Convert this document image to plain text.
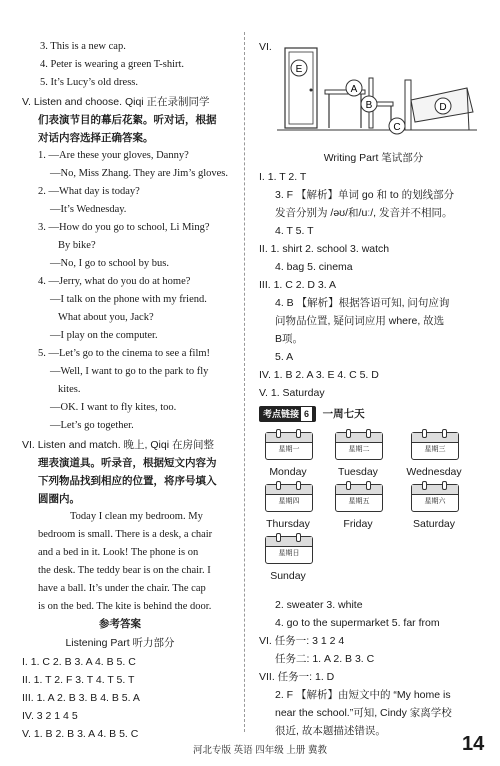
3. This is a new cap.
4. Peter is wearing a green T-shirt.
5. It’s Lucy’s old dress.
V. Listen and choose. Qiqi 正在录制同学
们表演节目的幕后花絮。听对话，根据
对话内容选择正确答案。
1. —Are these your gloves, Danny?
—No, Miss Zhang. They are Jim’s gloves.
2. —What day is today?
—It’s Wednesday.
3. —How do you go to school, Li Ming?
By bike?
—No, I go to school by bus.
4. —Jerry, what do you do at home?
—I talk on the phone with my friend.
What about you, Jack?
—I play on the computer.
5. —Let’s go to the cinema to see a film!
—Well, I want to go to the park to fly
kites.
—OK. I want to fly kites, too.
—Let’s go together.
VI. Listen and match. 晚上, Qiqi 在房间整
理表演道具。听录音，根据短文内容为
下列物品找到相应的位置，将序号填入
圆圈内。
Today I clean my bedroom. My
bedroom is small. There is a desk, a chair
and a bed in it. Look! The phone is on
the desk. The teddy bear is on the chair. I
have a ball. It’s under the chair. The cap
is on the bed. The kite is behind the door.
参考答案
Listening Part 听力部分
I. 1. C 2. B 3. A 4. B 5. C
II. 1. T 2. F 3. T 4. T 5. T
III. 1. A 2. B 3. B 4. B 5. A
IV. 3 2 1 4 5
V. 1. B 2. B 3. A 4. B 5. C
VI.
E
A
B
C
D
Writing Part 笔试部分
I. 1. T 2. T
3. F 【解析】单词 go 和 to 的划线部分
发音分别为 /əʊ/和/uː/, 发音并不相同。
4. T 5. T
II. 1. shirt 2. school 3. watch
4. bag 5. cinema
III. 1. C 2. D 3. A
4. B 【解析】根据答语可知, 问句应询
问物品位置, 疑问词应用 where, 故选
B项。
5. A
IV. 1. B 2. A 3. E 4. C 5. D
V. 1. Saturday
考点链接 6 一周七天
星期一	星期二	星期三
Monday	Tuesday	Wednesday
星期四	星期五	星期六
Thursday	Friday	Saturday
星期日
Sunday
2. sweater 3. white
4. go to the supermarket 5. far from
VI. 任务一: 3 1 2 4
任务二: 1. A 2. B 3. C
VII. 任务一: 1. D
2. F 【解析】由短文中的 “My home is
near the school.”可知, Cindy 家离学校
很近, 故本题描述错误。
河北专版 英语 四年级 上册 冀教	14
